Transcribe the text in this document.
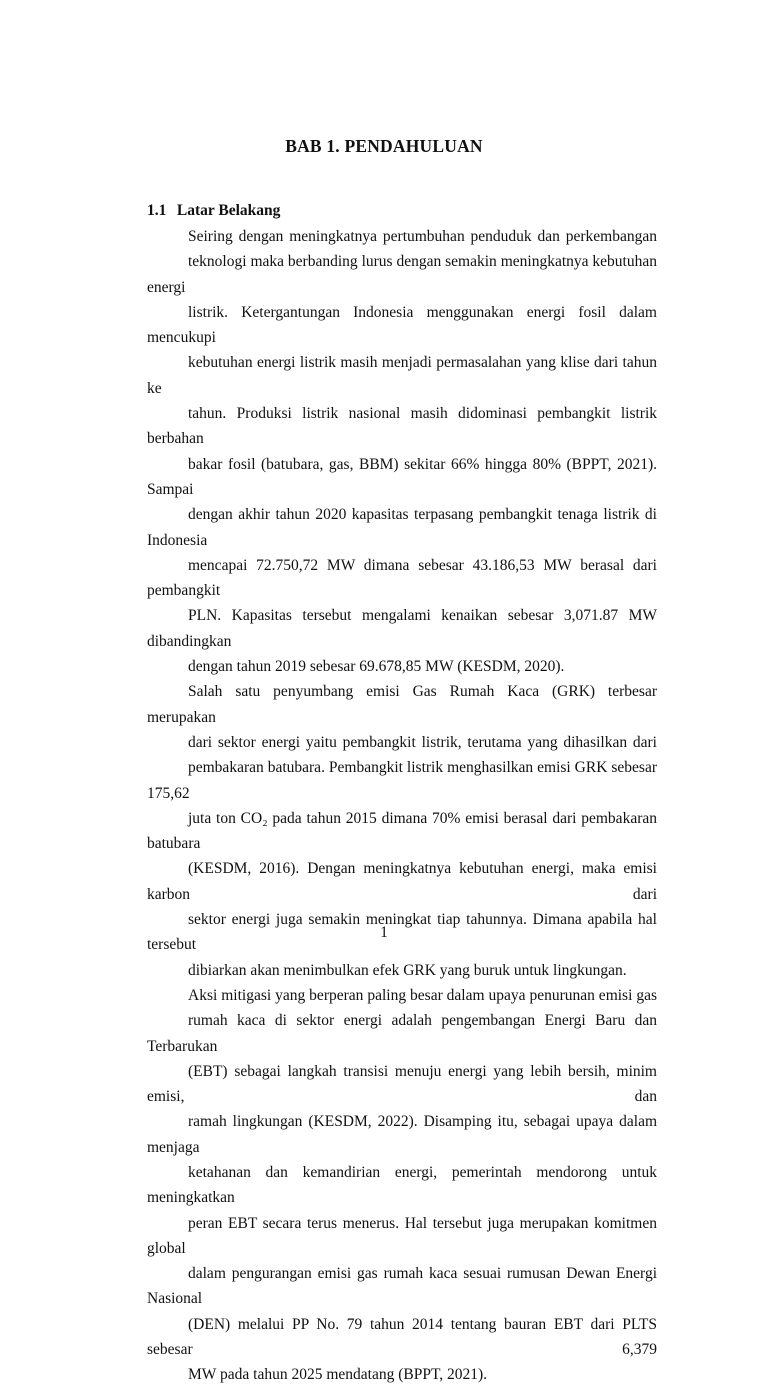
BAB 1. PENDAHULUAN
1.1 Latar Belakang

Seiring dengan meningkatnya pertumbuhan penduduk dan perkembangan
teknologi maka berbanding lurus dengan semakin meningkatnya kebutuhan energi
listrik. Ketergantungan Indonesia menggunakan energi fosil dalam mencukupi
kebutuhan energi listrik masih menjadi permasalahan yang klise dari tahun ke
tahun. Produksi listrik nasional masih didominasi pembangkit listrik berbahan
bakar fosil (batubara, gas, BBM) sekitar 66% hingga 80% (BPPT, 2021). Sampai
dengan akhir tahun 2020 kapasitas terpasang pembangkit tenaga listrik di Indonesia
mencapai 72.750,72 MW dimana sebesar 43.186,53 MW berasal dari pembangkit
PLN. Kapasitas tersebut mengalami kenaikan sebesar 3,071.87 MW dibandingkan
dengan tahun 2019 sebesar 69.678,85 MW (KESDM, 2020).

Salah satu penyumbang emisi Gas Rumah Kaca (GRK) terbesar merupakan
dari sektor energi yaitu pembangkit listrik, terutama yang dihasilkan dari
pembakaran batubara. Pembangkit listrik menghasilkan emisi GRK sebesar 175,62
juta ton CO₂ pada tahun 2015 dimana 70% emisi berasal dari pembakaran batubara
(KESDM, 2016). Dengan meningkatnya kebutuhan energi, maka emisi karbon dari
sektor energi juga semakin meningkat tiap tahunnya. Dimana apabila hal tersebut
dibiarkan akan menimbulkan efek GRK yang buruk untuk lingkungan.

Aksi mitigasi yang berperan paling besar dalam upaya penurunan emisi gas
rumah kaca di sektor energi adalah pengembangan Energi Baru dan Terbarukan
(EBT) sebagai langkah transisi menuju energi yang lebih bersih, minim emisi, dan
ramah lingkungan (KESDM, 2022). Disamping itu, sebagai upaya dalam menjaga
ketahanan dan kemandirian energi, pemerintah mendorong untuk meningkatkan
peran EBT secara terus menerus. Hal tersebut juga merupakan komitmen global
dalam pengurangan emisi gas rumah kaca sesuai rumusan Dewan Energi Nasional
(DEN) melalui PP No. 79 tahun 2014 tentang bauran EBT dari PLTS sebesar 6,379
MW pada tahun 2025 mendatang (BPPT, 2021).

1
